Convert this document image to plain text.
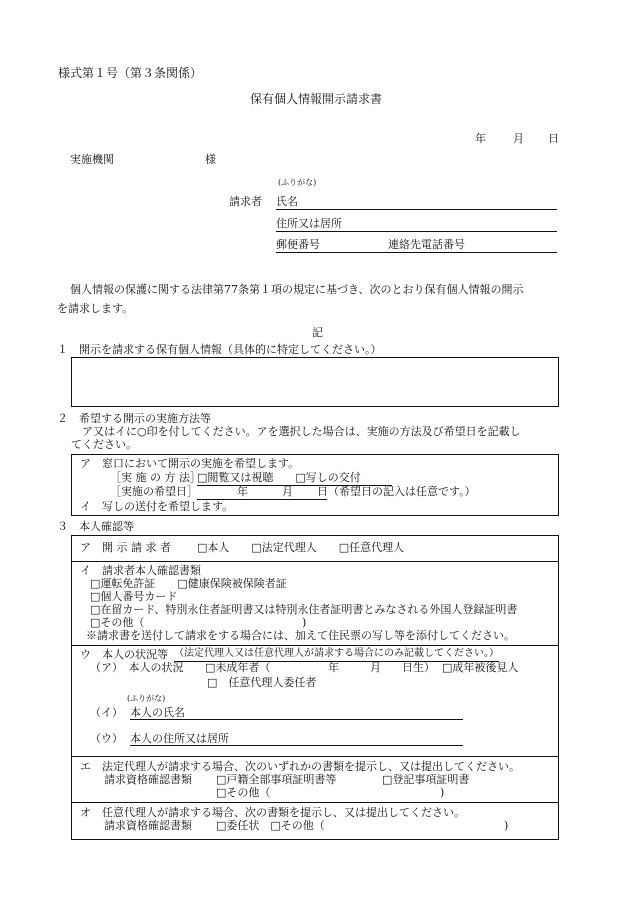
様式第１号（第３条関係）
保有個人情報開示請求書
年 月 日
実施機関	様
(ふりがな)
請求者 氏名
住所又は居所
郵便番号	連絡先電話番号
個人情報の保護に関する法律第77条第１項の規定に基づき、次のとおり保有個人情報の開示
を請求します。
記
１　開示を請求する保有個人情報（具体的に特定してください。）
２　希望する開示の実施方法等
ア又はイに○印を付してください。アを選択した場合は、実施の方法及び希望日を記載し
てください。
ア　窓口において開示の実施を希望します。
［実 施 の 方 法］
□閲覧又は視聴　　□写しの交付
［実施の希望日］	年	月 日（希望日の記入は任意です。）
イ　写しの送付を希望します。
３　本人確認等
ア　開 示 請 求 者 □本人　　□法定代理人　　□任意代理人
イ　請求者本人確認書類
□運転免許証　　□健康保険被保険者証
□個人番号カード
□在留カード、特別永住者証明書又は特別永住者証明書とみなされる外国人登録証明書
□その他（	)
※請求書を送付して請求をする場合には、加えて住民票の写し等を添付してください。
ウ　本人の状況等 （法定代理人又は任意代理人が請求する場合にのみ記載してください。）
（ア）　本人の状況 □未成年者（	年	月 日生） □成年被後見人
□　任意代理人委任者
(ふりがな)
（イ） 本人の氏名
（ウ） 本人の住所又は居所
エ　法定代理人が請求する場合、次のいずれかの書類を提示し、又は提出してください。
請求資格確認書類 □戸籍全部事項証明書等	□登記事項証明書
□その他（	)
オ　任意代理人が請求する場合、次の書類を提示し、又は提出してください。
請求資格確認書類 □委任状　□その他（	)
